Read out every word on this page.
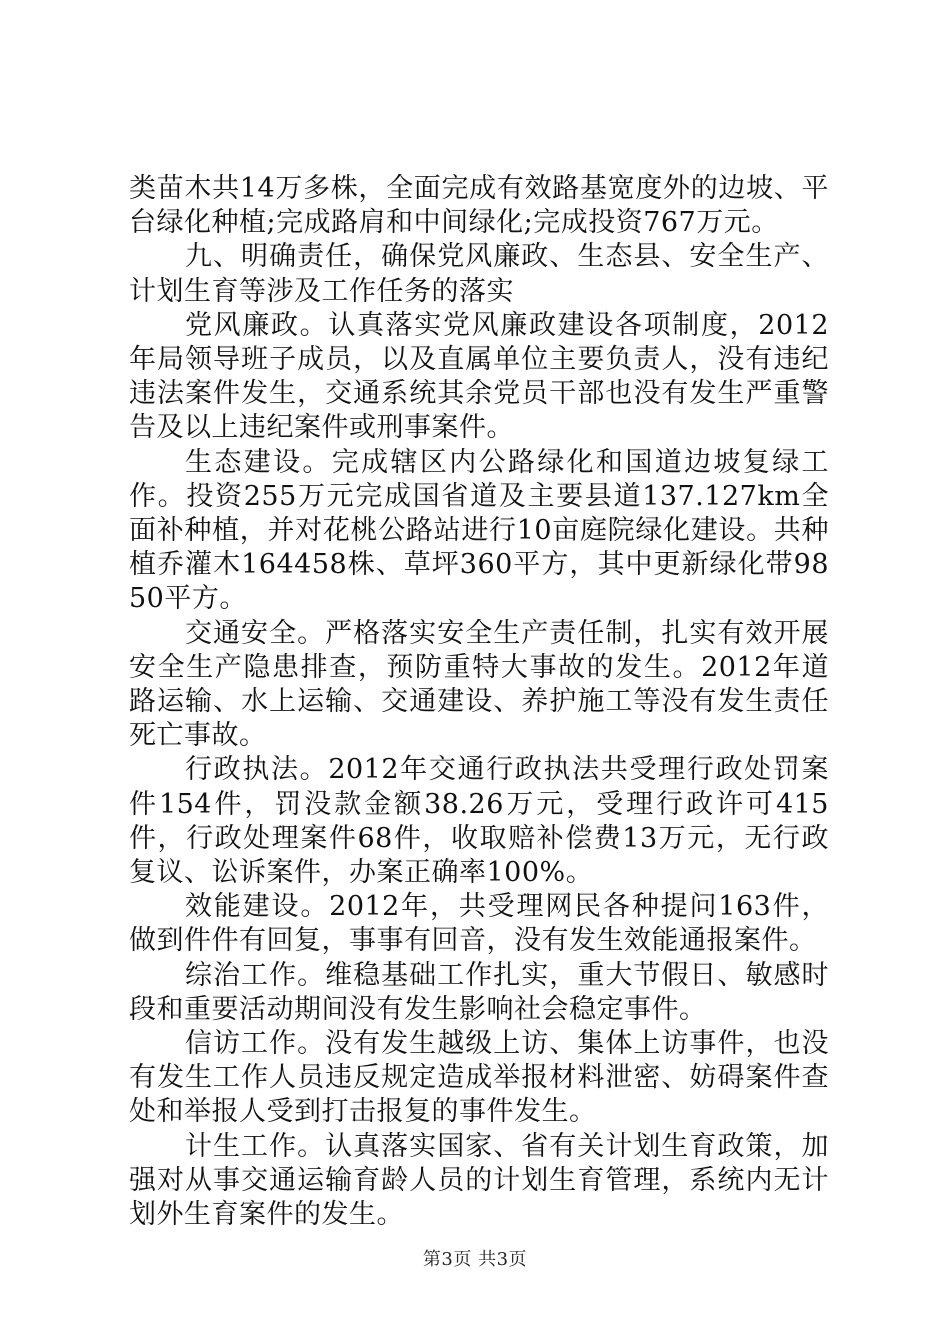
类苗木共14万多株，全面完成有效路基宽度外的边坡、平台绿化种植;完成路肩和中间绿化;完成投资767万元。

九、明确责任，确保党风廉政、生态县、安全生产、计划生育等涉及工作任务的落实

党风廉政。认真落实党风廉政建设各项制度，2012年局领导班子成员，以及直属单位主要负责人，没有违纪违法案件发生，交通系统其余党员干部也没有发生严重警告及以上违纪案件或刑事案件。

生态建设。完成辖区内公路绿化和国道边坡复绿工作。投资255万元完成国省道及主要县道137.127km全面补种植，并对花桃公路站进行10亩庭院绿化建设。共种植乔灌木164458株、草坪360平方，其中更新绿化带9850平方。

交通安全。严格落实安全生产责任制，扎实有效开展安全生产隐患排查，预防重特大事故的发生。2012年道路运输、水上运输、交通建设、养护施工等没有发生责任死亡事故。

行政执法。2012年交通行政执法共受理行政处罚案件154件，罚没款金额38.26万元，受理行政许可415件，行政处理案件68件，收取赔补偿费13万元，无行政复议、讼诉案件，办案正确率100%。

效能建设。2012年，共受理网民各种提问163件，做到件件有回复，事事有回音，没有发生效能通报案件。

综治工作。维稳基础工作扎实，重大节假日、敏感时段和重要活动期间没有发生影响社会稳定事件。

信访工作。没有发生越级上访、集体上访事件，也没有发生工作人员违反规定造成举报材料泄密、妨碍案件查处和举报人受到打击报复的事件发生。

计生工作。认真落实国家、省有关计划生育政策，加强对从事交通运输育龄人员的计划生育管理，系统内无计划外生育案件的发生。

第3页 共3页
